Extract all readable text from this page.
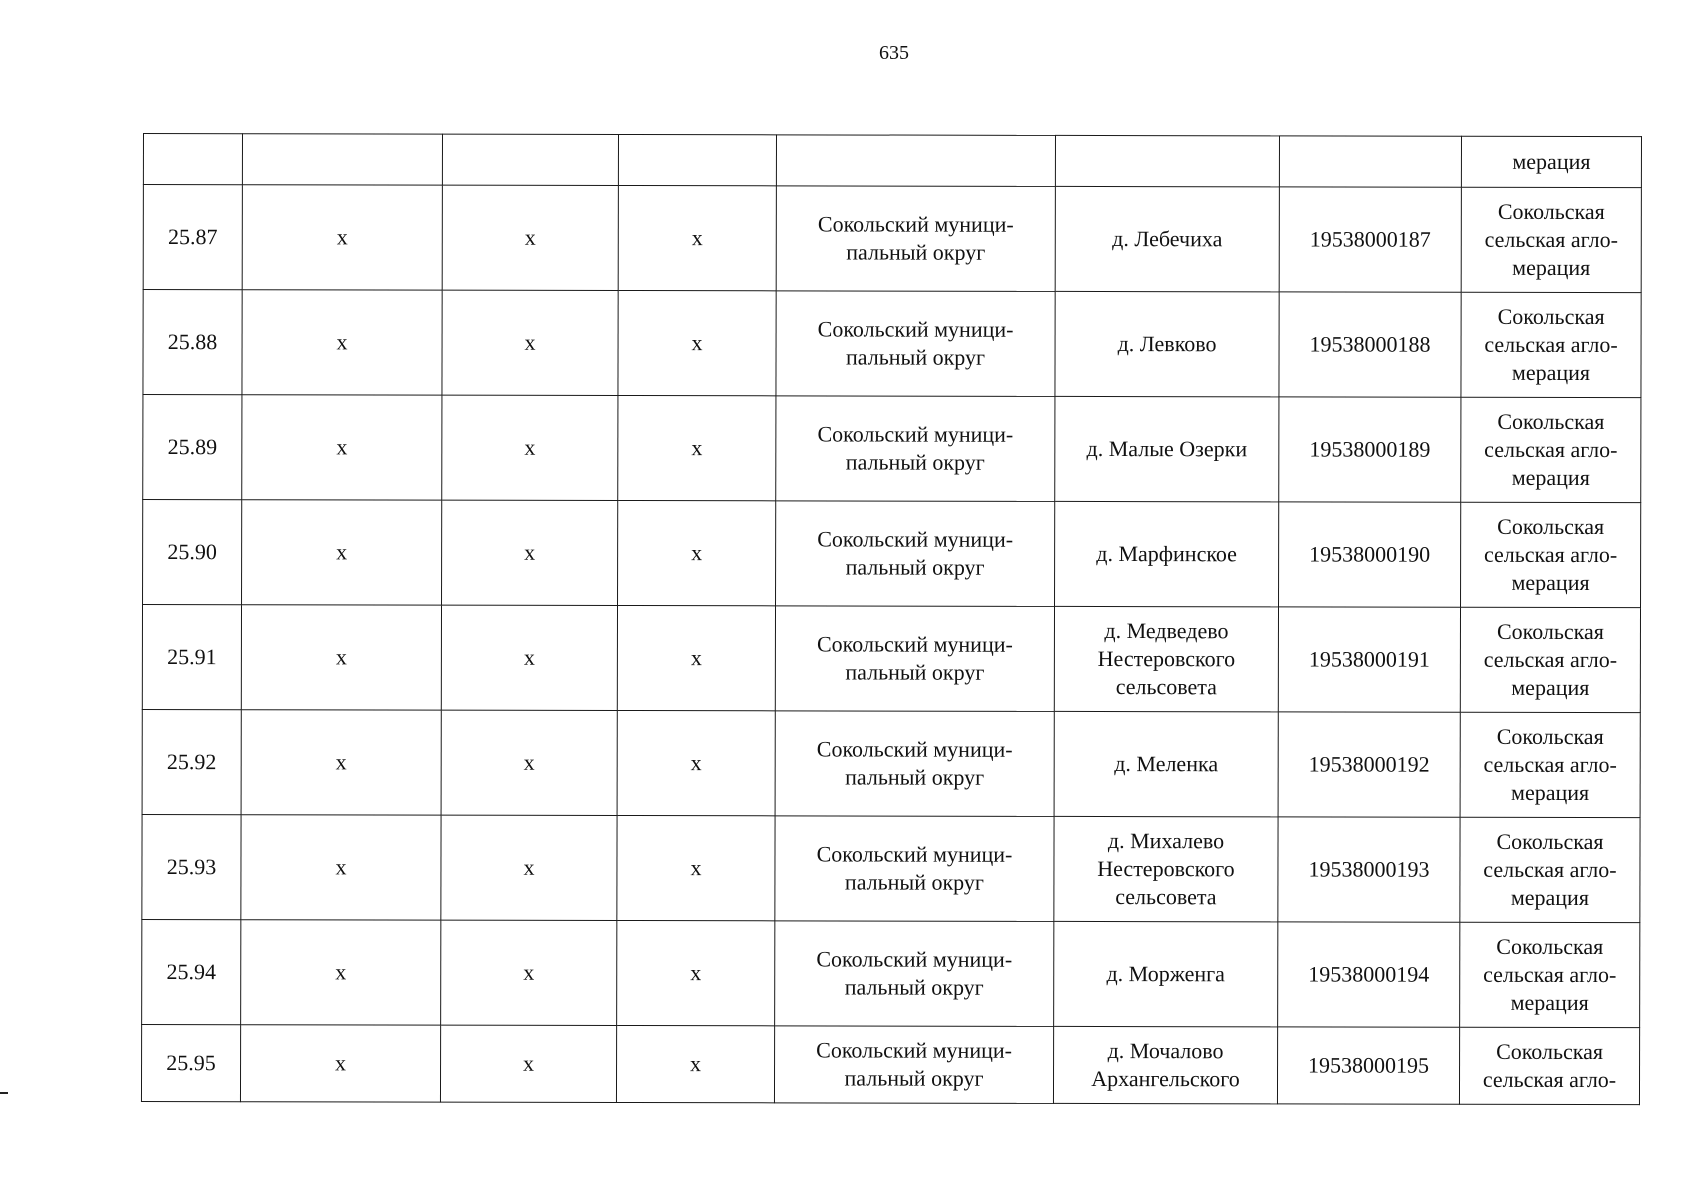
635
							мерация

25.87	х	х	х	Сокольский муници-
пальный округ	д. Лебечиха	19538000187	Сокольская
сельская агло-
мерация

25.88	х	х	х	Сокольский муници-
пальный округ	д. Левково	19538000188	Сокольская
сельская агло-
мерация

25.89	х	х	х	Сокольский муници-
пальный округ	д. Малые Озерки	19538000189	Сокольская
сельская агло-
мерация

25.90	х	х	х	Сокольский муници-
пальный округ	д. Марфинское	19538000190	Сокольская
сельская агло-
мерация

25.91	х	х	х	Сокольский муници-
пальный округ	д. Медведево
Нестеровского
сельсовета	19538000191	Сокольская
сельская агло-
мерация

25.92	х	х	х	Сокольский муници-
пальный округ	д. Меленка	19538000192	Сокольская
сельская агло-
мерация

25.93	х	х	х	Сокольский муници-
пальный округ	д. Михалево
Нестеровского
сельсовета	19538000193	Сокольская
сельская агло-
мерация

25.94	х	х	х	Сокольский муници-
пальный округ	д. Морженга	19538000194	Сокольская
сельская агло-
мерация

25.95	х	х	х	Сокольский муници-
пальный округ	д. Мочалово
Архангельского	19538000195	Сокольская
сельская агло-
